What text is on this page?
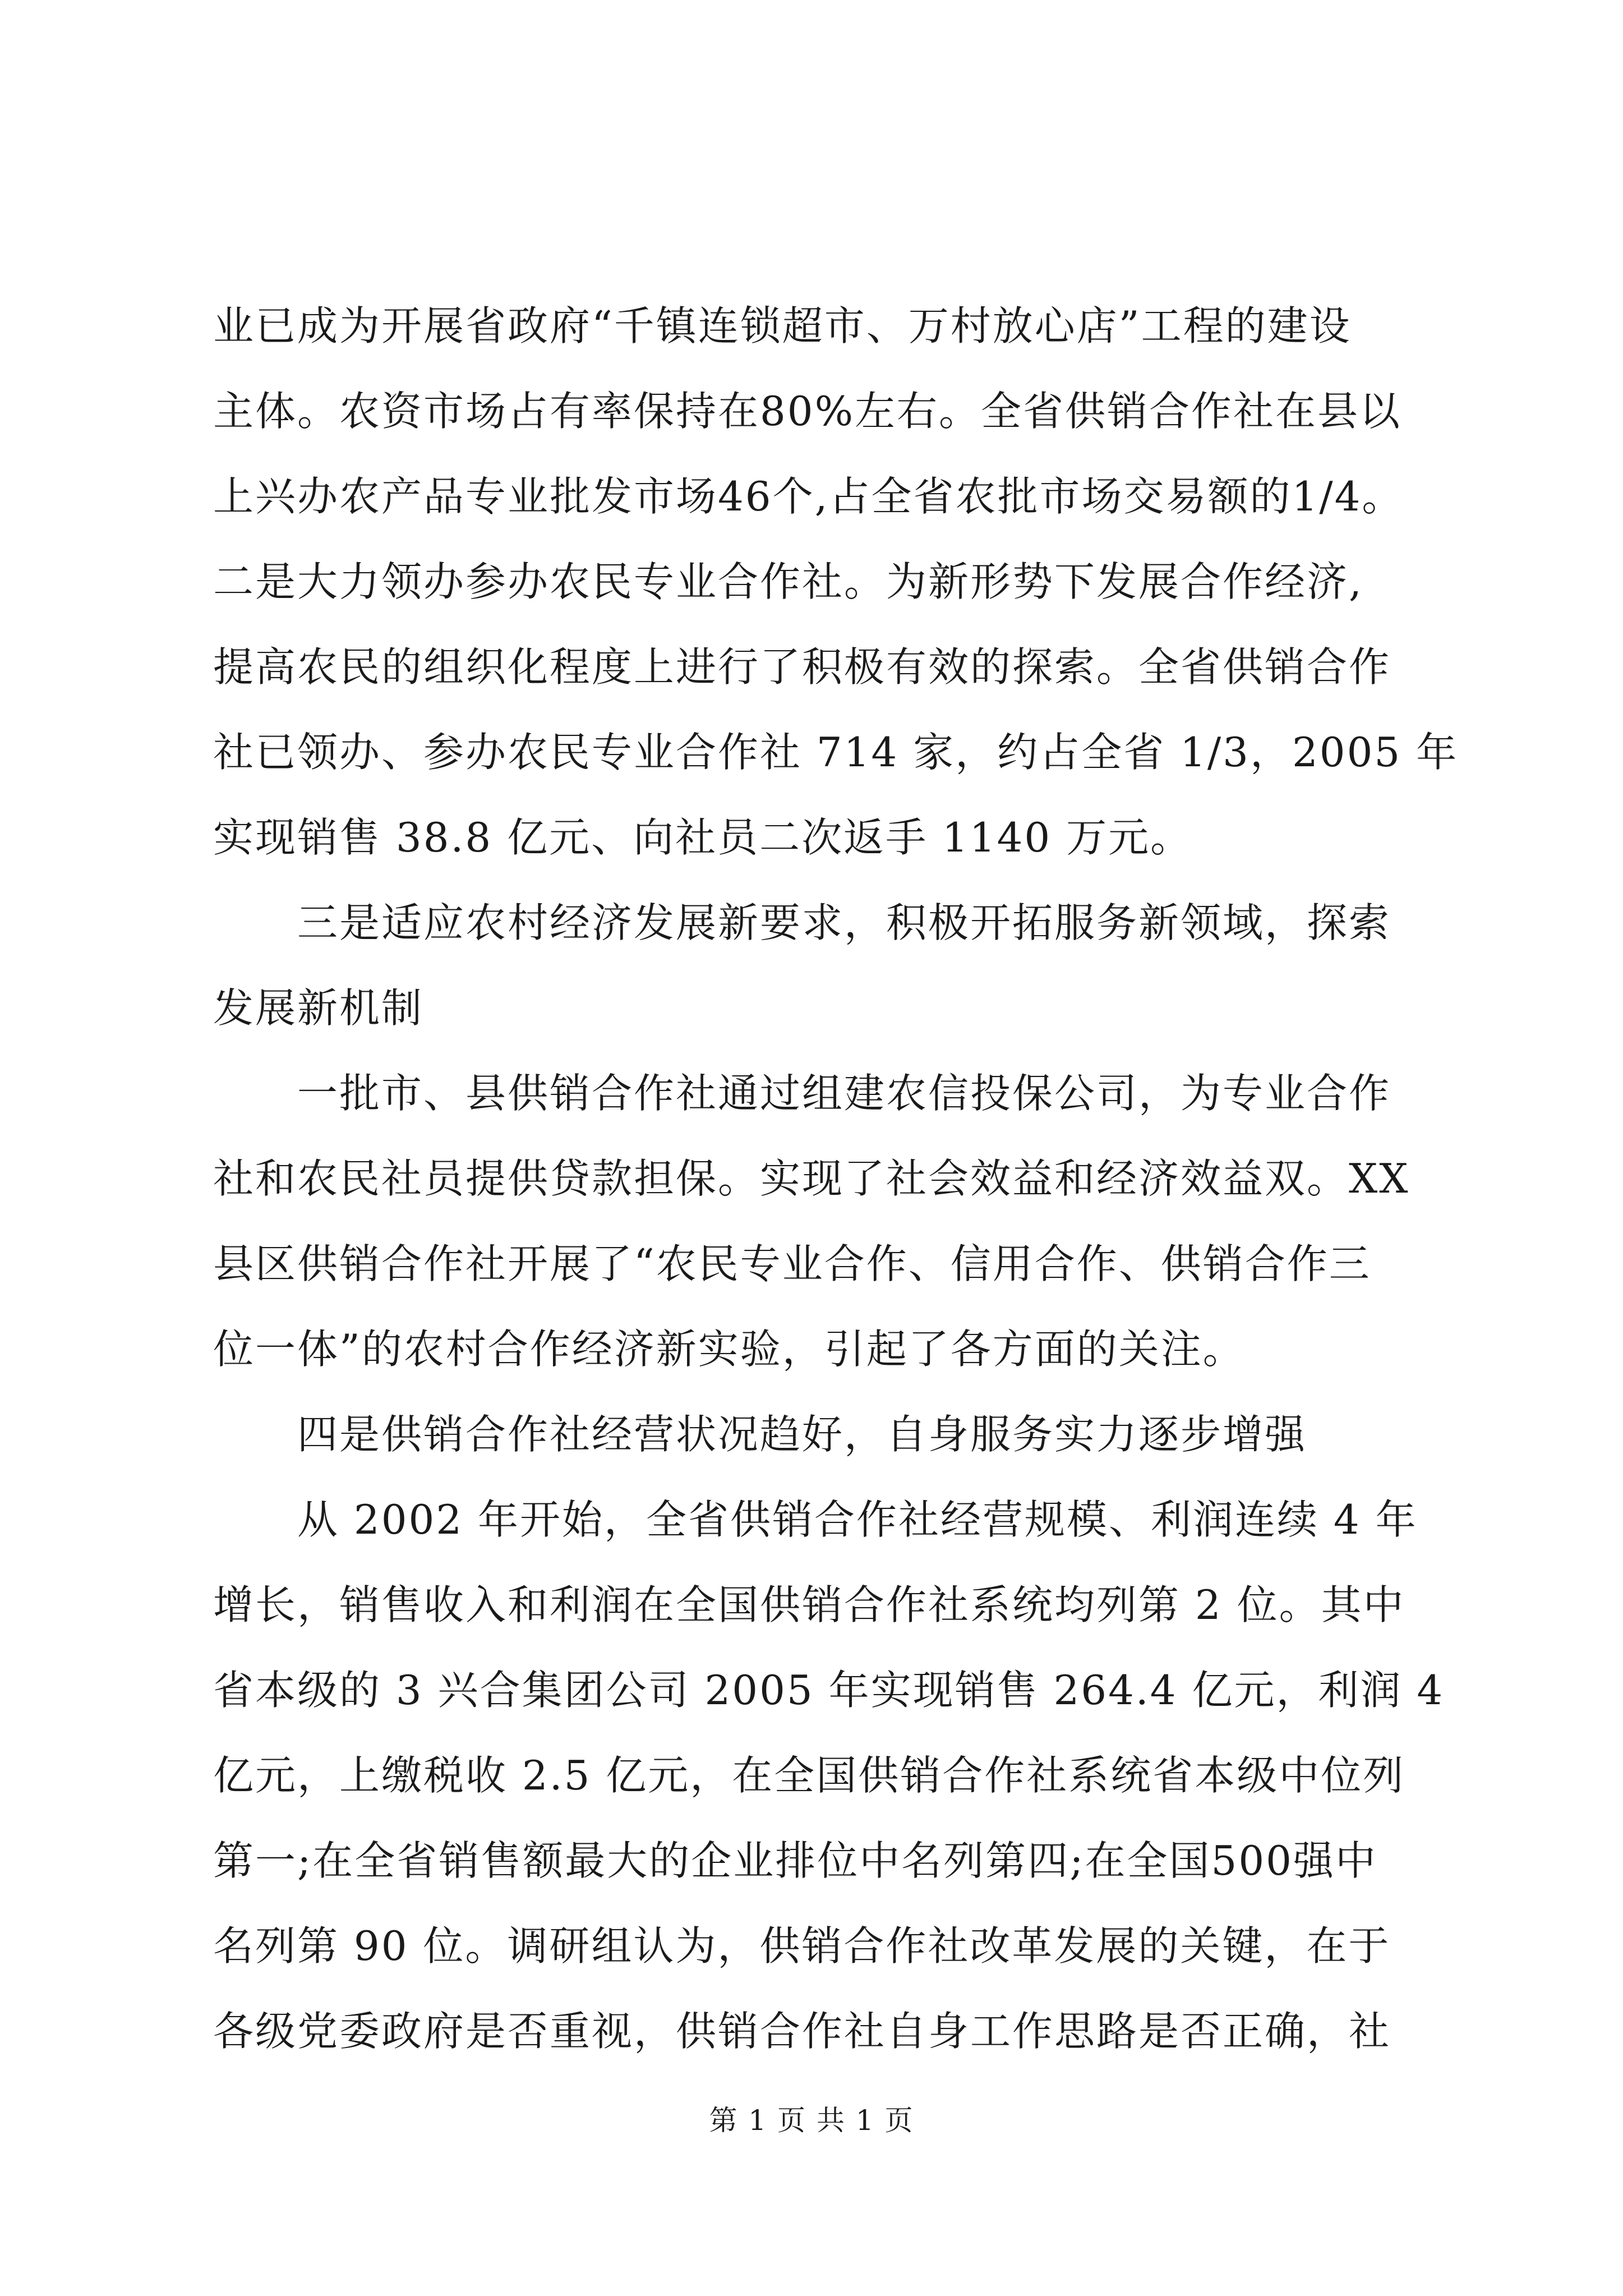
业已成为开展省政府“千镇连锁超市、万村放心店”工程的建设
主体。农资市场占有率保持在80%左右。全省供销合作社在县以
上兴办农产品专业批发市场46个,占全省农批市场交易额的1/4。
二是大力领办参办农民专业合作社。为新形势下发展合作经济,
提高农民的组织化程度上进行了积极有效的探索。全省供销合作
社已领办、参办农民专业合作社 714 家，约占全省 1/3，2005 年
实现销售 38.8 亿元、向社员二次返手 1140 万元。
三是适应农村经济发展新要求，积极开拓服务新领域，探索
发展新机制
一批市、县供销合作社通过组建农信投保公司，为专业合作
社和农民社员提供贷款担保。实现了社会效益和经济效益双。XX
县区供销合作社开展了“农民专业合作、信用合作、供销合作三
位一体”的农村合作经济新实验，引起了各方面的关注。
四是供销合作社经营状况趋好，自身服务实力逐步增强
从 2002 年开始，全省供销合作社经营规模、利润连续 4 年
增长，销售收入和利润在全国供销合作社系统均列第 2 位。其中
省本级的 3 兴合集团公司 2005 年实现销售 264.4 亿元，利润 4
亿元，上缴税收 2.5 亿元，在全国供销合作社系统省本级中位列
第一;在全省销售额最大的企业排位中名列第四;在全国500强中
名列第 90 位。调研组认为，供销合作社改革发展的关键，在于
各级党委政府是否重视，供销合作社自身工作思路是否正确，社
第 1 页 共 1 页
